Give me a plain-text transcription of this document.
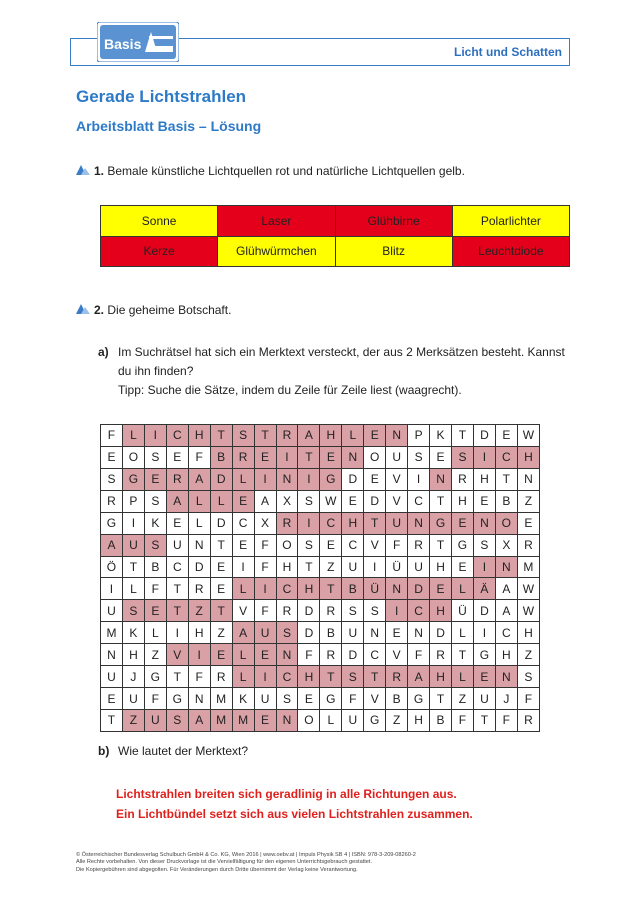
Basis	Licht und Schatten
Gerade Lichtstrahlen
Arbeitsblatt Basis – Lösung
1. Bemale künstliche Lichtquellen rot und natürliche Lichtquellen gelb.
Sonne	Laser	Glühbirne	Polarlichter
Kerze	Glühwürmchen	Blitz	Leuchtdiode
2. Die geheime Botschaft.
a) Im Suchrätsel hat sich ein Merktext versteckt, der aus 2 Merksätzen besteht. Kannst
du ihn finden?
Tipp: Suche die Sätze, indem du Zeile für Zeile liest (waagrecht).
F	L	I	C	H	T	S	T	R	A	H	L	E	N	P	K	T	D	E	W
E	O	S	E	F	B	R	E	I	T	E	N	O	U	S	E	S	I	C	H
S	G	E	R	A	D	L	I	N	I	G	D	E	V	I	N	R	H	T	N
R	P	S	A	L	L	E	A	X	S	W	E	D	V	C	T	H	E	B	Z
G	I	K	E	L	D	C	X	R	I	C	H	T	U	N	G	E	N	O	E
A	U	S	U	N	T	E	F	O	S	E	C	V	F	R	T	G	S	X	R
Ö	T	B	C	D	E	I	F	H	T	Z	U	I	Ü	U	H	E	I	N	M
I	L	F	T	R	E	L	I	C	H	T	B	Ü	N	D	E	L	Ä	A	W
U	S	E	T	Z	T	V	F	R	D	R	S	S	I	C	H	Ü	D	A	W
M	K	L	I	H	Z	A	U	S	D	B	U	N	E	N	D	L	I	C	H
N	H	Z	V	I	E	L	E	N	F	R	D	C	V	F	R	T	G	H	Z
U	J	G	T	F	R	L	I	C	H	T	S	T	R	A	H	L	E	N	S
E	U	F	G	N	M	K	U	S	E	G	F	V	B	G	T	Z	U	J	F
T	Z	U	S	A	M	M	E	N	O	L	U	G	Z	H	B	F	T	F	R
b) Wie lautet der Merktext?
Lichtstrahlen breiten sich geradlinig in alle Richtungen aus.
Ein Lichtbündel setzt sich aus vielen Lichtstrahlen zusammen.
© Österreichischer Bundesverlag Schulbuch GmbH & Co. KG, Wien 2016 | www.oebv.at | Impuls Physik SB 4 | ISBN: 978-3-209-08260-2
Alle Rechte vorbehalten. Von dieser Druckvorlage ist die Vervielfältigung für den eigenen Unterrichtsgebrauch gestattet.
Die Kopiergebühren sind abgegolten. Für Veränderungen durch Dritte übernimmt der Verlag keine Verantwortung.
